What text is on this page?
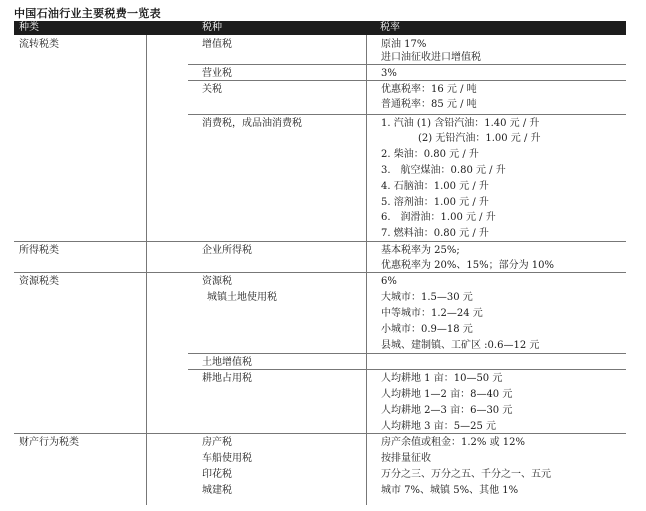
中国石油行业主要税费一览表
种类	税种	税率
流转税类
所得税类
资源税类
财产行为税类
增值税
营业税
关税
消费税，成品油消费税
企业所得税
资源税
城镇土地使用税
土地增值税
耕地占用税
房产税
车船使用税
印花税
城建税
原油 17%
进口油征收进口增值税
3%
优惠税率：16 元 / 吨
普通税率：85 元 / 吨
1. 汽油 (1) 含铅汽油：1.40 元 / 升
(2) 无铅汽油：1.00 元 / 升
2. 柴油：0.80 元 / 升
3.　航空煤油：0.80 元 / 升
4. 石脑油：1.00 元 / 升
5. 溶剂油：1.00 元 / 升
6.　润滑油：1.00 元 / 升
7. 燃料油：0.80 元 / 升
基本税率为 25%;
优惠税率为 20%、15%；部分为 10%
6%
大城市：1.5—30 元
中等城市：1.2—24 元
小城市：0.9—18 元
县城、建制镇、工矿区 :0.6—12 元
人均耕地 1 亩：10—50 元
人均耕地 1—2 亩：8—40 元
人均耕地 2—3 亩：6—30 元
人均耕地 3 亩：5—25 元
房产余值或租金：1.2% 或 12%
按排量征收
万分之三、万分之五、千分之一、五元
城市 7%、城镇 5%、其他 1%
